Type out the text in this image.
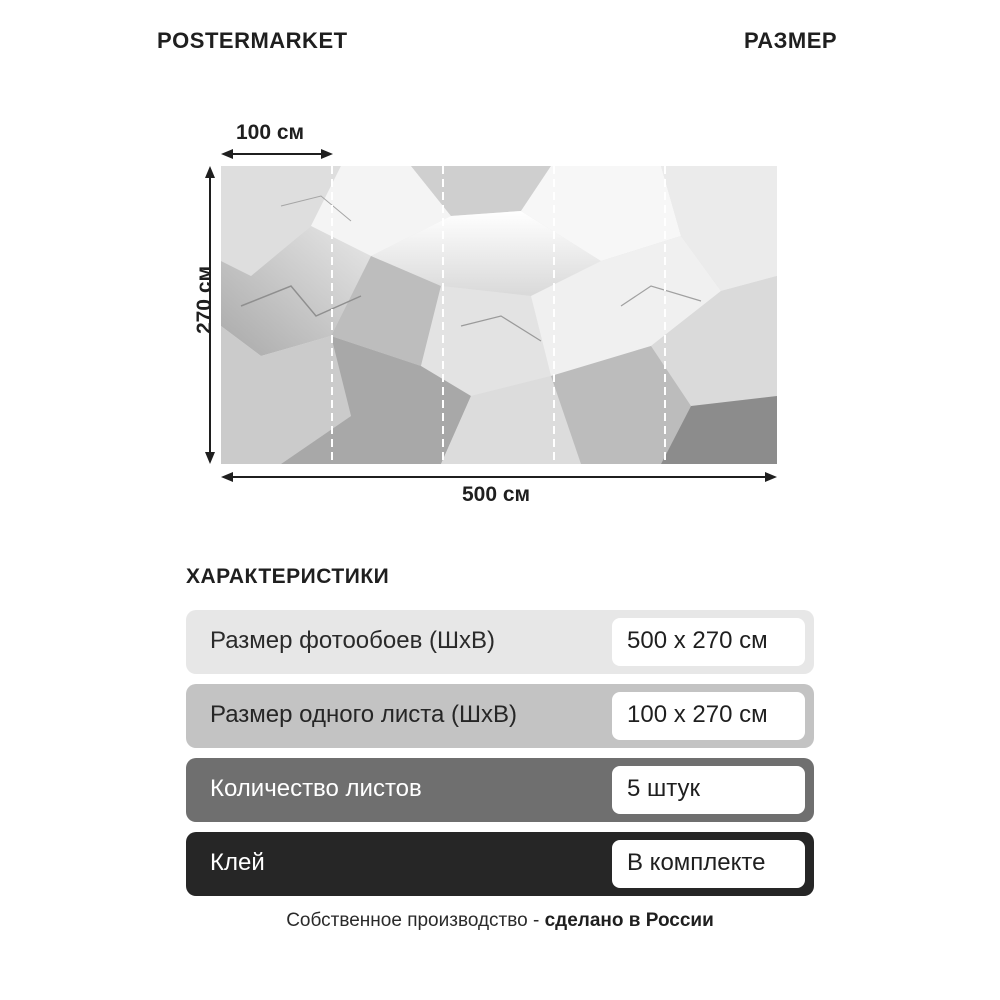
POSTERMARKET	РАЗМЕР
100 см
270 см
500 см
ХАРАКТЕРИСТИКИ
Размер фотообоев (ШхВ)	500 x 270 см
Размер одного листа (ШхВ)	100 x 270 см
Количество листов	5 штук
Клей	В комплекте
Собственное производство - сделано в России
